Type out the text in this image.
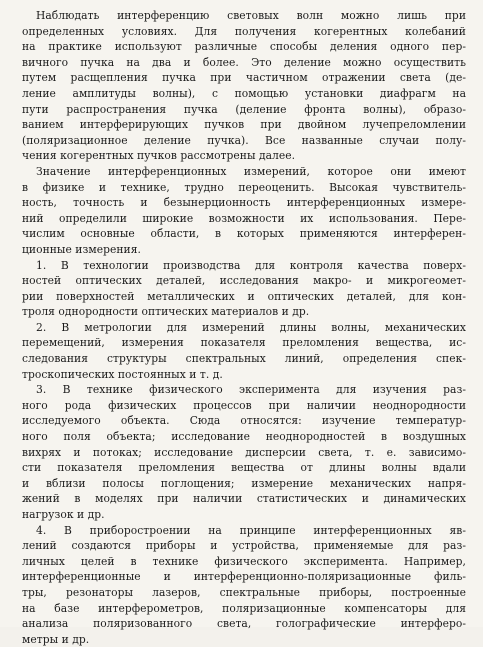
Наблюдать интерференцию световых волн можно лишь при
определенных условиях. Для получения когерентных колебаний
на практике используют различные способы деления одного пер-
вичного пучка на два и более. Это деление можно осуществить
путем расщепления пучка при частичном отражении света (де-
ление амплитуды волны), с помощью установки диафрагм на
пути распространения пучка (деление фронта волны), образо-
ванием интерферирующих пучков при двойном лучепреломлении
(поляризационное деление пучка). Все названные случаи полу-
чения когерентных пучков рассмотрены далее.
Значение интерференционных измерений, которое они имеют
в физике и технике, трудно переоценить. Высокая чувствитель-
ность, точность и безынерционность интерференционных измере-
ний определили широкие возможности их использования. Пере-
числим основные области, в которых применяются интерферен-
ционные измерения.
1. В технологии производства для контроля качества поверх-
ностей оптических деталей, исследования макро- и микрогеомет-
рии поверхностей металлических и оптических деталей, для кон-
троля однородности оптических материалов и др.
2. В метрологии для измерений длины волны, механических
перемещений, измерения показателя преломления вещества, ис-
следования структуры спектральных линий, определения спек-
троскопических постоянных и т. д.
3. В технике физического эксперимента для изучения раз-
ного рода физических процессов при наличии неоднородности
исследуемого объекта. Сюда относятся: изучение температур-
ного поля объекта; исследование неоднородностей в воздушных
вихрях и потоках; исследование дисперсии света, т. е. зависимо-
сти показателя преломления вещества от длины волны вдали
и вблизи полосы поглощения; измерение механических напря-
жений в моделях при наличии статистических и динамических
нагрузок и др.
4. В приборостроении на принципе интерференционных яв-
лений создаются приборы и устройства, применяемые для раз-
личных целей в технике физического эксперимента. Например,
интерференционные и интерференционно-поляризационные филь-
тры, резонаторы лазеров, спектральные приборы, построенные
на базе интерферометров, поляризационные компенсаторы для
анализа поляризованного света, голографические интерферо-
метры и др.
